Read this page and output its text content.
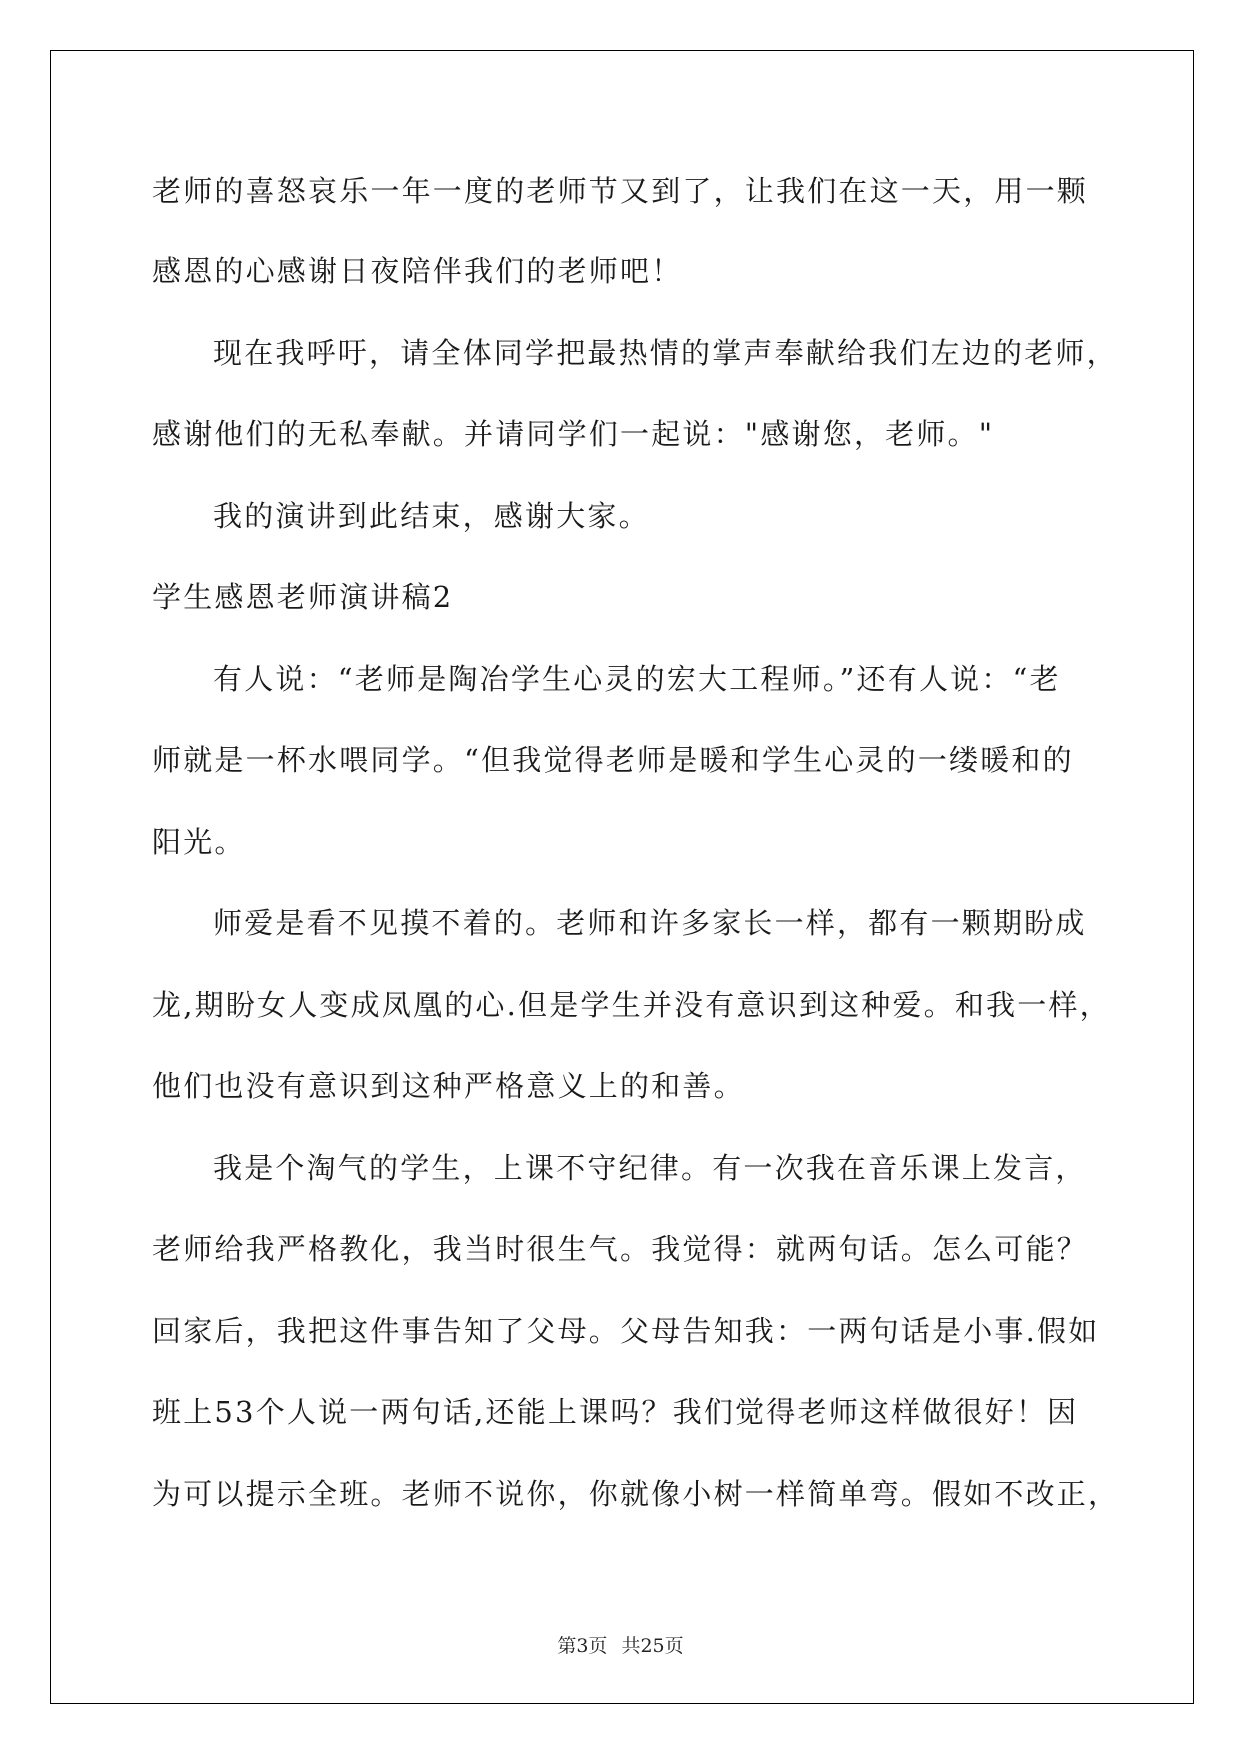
老师的喜怒哀乐一年一度的老师节又到了，让我们在这一天，用一颗
感恩的心感谢日夜陪伴我们的老师吧！
现在我呼吁，请全体同学把最热情的掌声奉献给我们左边的老师，
感谢他们的无私奉献。并请同学们一起说："感谢您，老师。"
我的演讲到此结束，感谢大家。
学生感恩老师演讲稿2
有人说：“老师是陶冶学生心灵的宏大工程师。”还有人说：“老
师就是一杯水喂同学。“但我觉得老师是暖和学生心灵的一缕暖和的
阳光。
师爱是看不见摸不着的。老师和许多家长一样，都有一颗期盼成
龙,期盼女人变成凤凰的心.但是学生并没有意识到这种爱。和我一样，
他们也没有意识到这种严格意义上的和善。
我是个淘气的学生，上课不守纪律。有一次我在音乐课上发言，
老师给我严格教化，我当时很生气。我觉得：就两句话。怎么可能？
回家后，我把这件事告知了父母。父母告知我：一两句话是小事.假如
班上53个人说一两句话,还能上课吗？我们觉得老师这样做很好！因
为可以提示全班。老师不说你，你就像小树一样简单弯。假如不改正，
第3页 共25页
